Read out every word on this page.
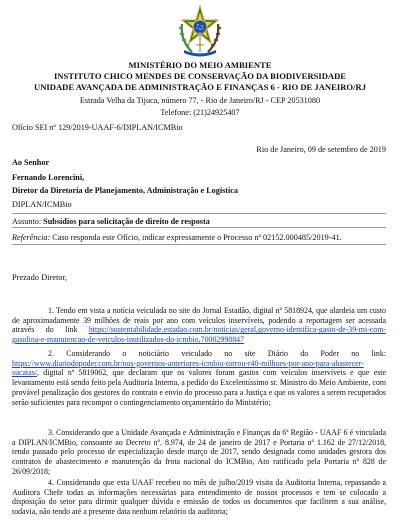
MINISTÉRIO DO MEIO AMBIENTE
INSTITUTO CHICO MENDES DE CONSERVAÇÃO DA BIODIVERSIDADE
UNIDADE AVANÇADA DE ADMINISTRAÇÃO E FINANÇAS 6 - RIO DE JANEIRO/RJ
Estrada Velha da Tijuca, número 77, - Rio de Janeiro/RJ - CEP 20531080
Telefone: (21)24925407
Ofício SEI nº 129/2019-UAAF-6/DIPLAN/ICMBio
Rio de Janeiro, 09 de setembro de 2019
Ao Senhor
Fernando Lorencini,
Diretor da Diretoria de Planejamento, Administração e Logística
DIPLAN/ICMBio
Assunto: Subsídios para solicitação de direito de resposta
Referência: Caso responda este Ofício, indicar expressamente o Processo nº 02152.000485/2019-41.
Prezado Diretor,
1. Tendo em vista a notícia veiculada no site do Jornal Estadão, digital nº 5818924, que alardeia um custo de aproximadamente 39 milhões de reais por ano com veículos inservíveis, podendo a reportagem ser acessada através do link https://sustentabilidade.estadao.com.br/noticias/geral,governo-identifica-gasto-de-39-mi-com-gasolina-e-manutencao-de-veiculos-inutilizados-do-icmbio,70002998847
2. Considerando o noticiário veiculado no site Diário do Poder no link: https://www.diariodopoder.com.br/nos-governos-anteriores-icmbio-torrou-r40-milhoes-por-ano-para-abastecer-sucatas/, digital nº 5819062, que declaram que os valores foram gastos com veículos inservíveis e que este levantamento está sendo feito pela Auditoria Interna, a pedido do Excelentíssimo sr. Ministro do Meio Ambiente, com provável penalização dos gestores do contrato e envio do processo para a Justiça e que os valores a serem recuperados serão suficientes para recompor o contingenciamento orçamentário do Ministério;
3. Considerando que a Unidade Avançada e Administração e Finanças da 6ª Região - UAAF 6 é vinculada a DIPLAN/ICMBio, consoante ao Decreto nº. 8.974, de 24 de janeiro de 2017 e Portaria nº 1.162 de 27/12/2018, tendo passado pelo processo de especialização desde março de 2017, sendo designada como unidades gestora dos contratos de abastecimento e manutenção da frota nacional do ICMBio, Ato ratificado pela Portaria nº 828 de 26/09/2018;
4. Considerando que esta UAAF recebeu no mês de julho/2019 visita da Auditoria Interna, repassando a Auditora Chefe todas as informações necessárias para entendimento de nossos processos e tem se colocado a disposição do setor para dirimir qualquer dúvida e emissão de todos os documentos que facilitem a sua análise, todavia, não tendo até a presente data nenhum relatório da auditoria;
